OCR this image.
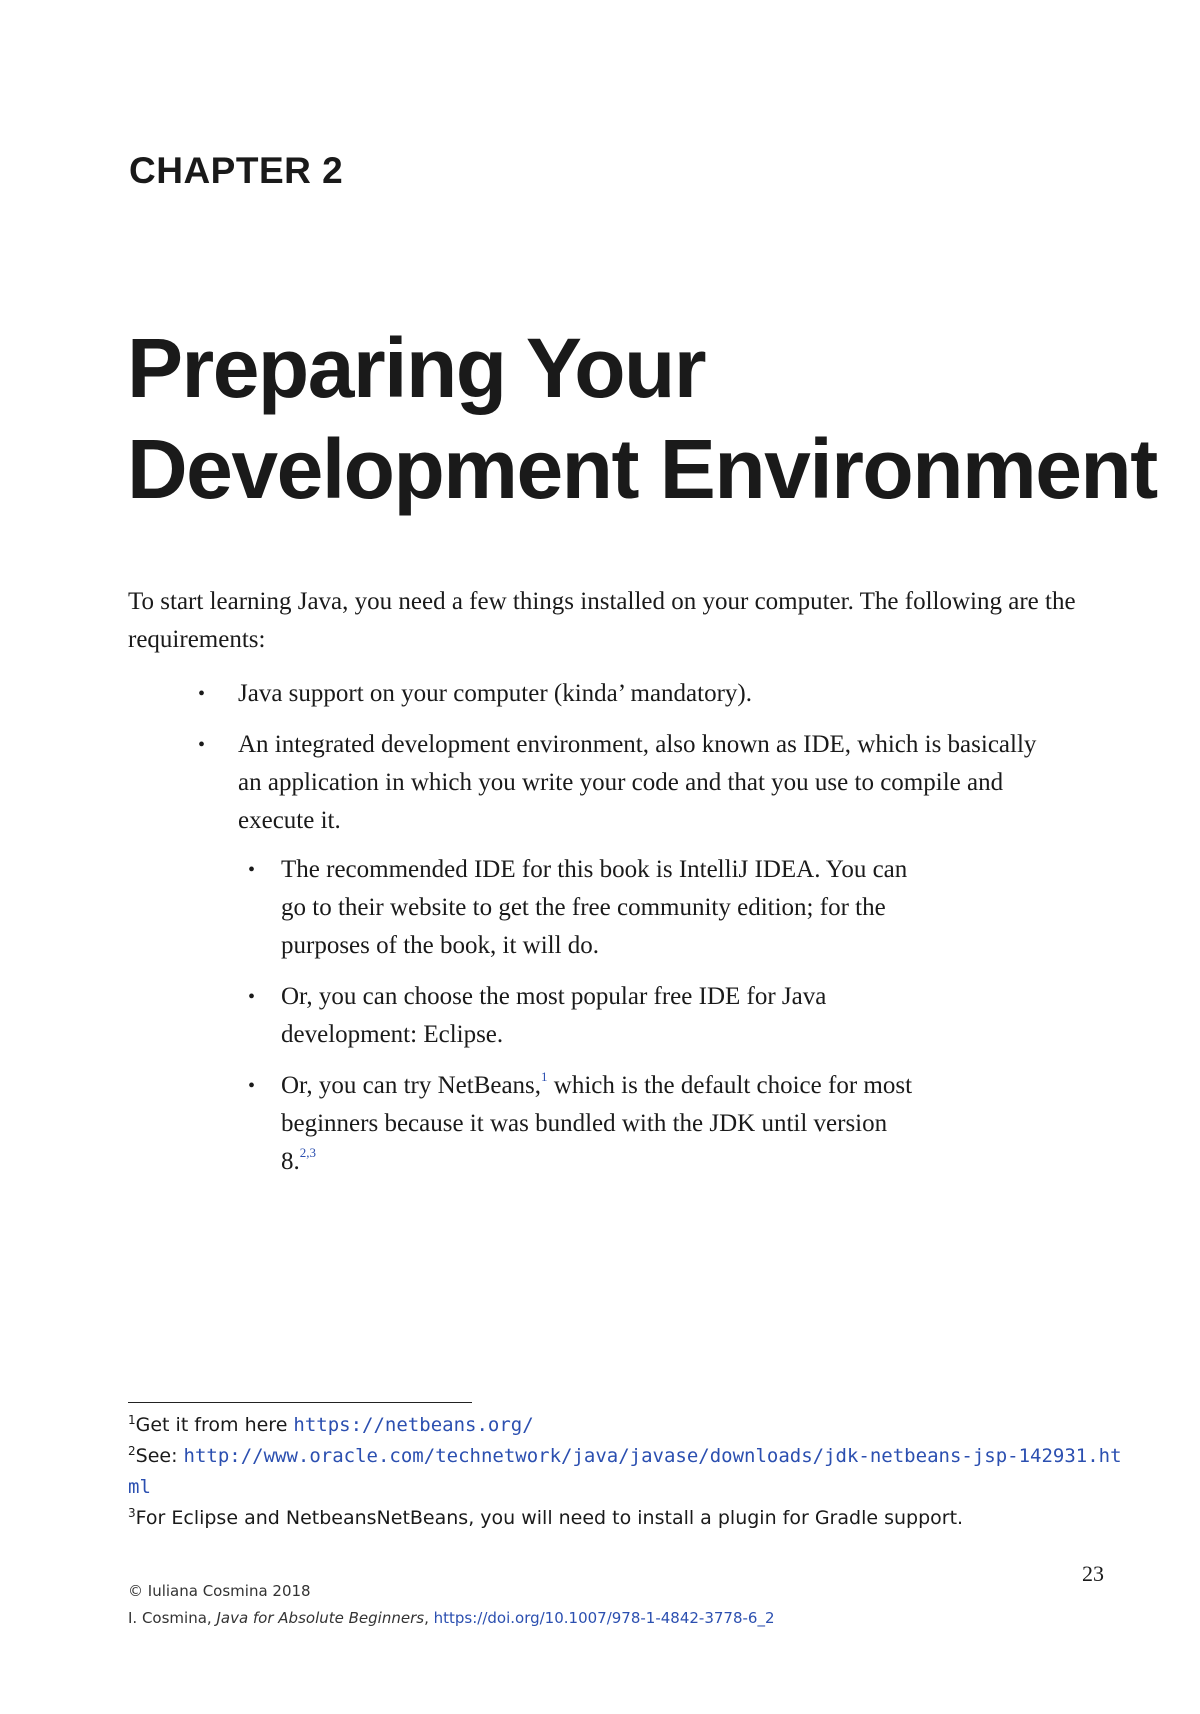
CHAPTER 2
Preparing Your
Development Environment

To start learning Java, you need a few things installed on your computer. The following are the requirements:

• Java support on your computer (kinda’ mandatory).
• An integrated development environment, also known as IDE, which is basically an application in which you write your code and that you use to compile and execute it.
• The recommended IDE for this book is IntelliJ IDEA. You can go to their website to get the free community edition; for the purposes of the book, it will do.
• Or, you can choose the most popular free IDE for Java development: Eclipse.
• Or, you can try NetBeans,$^1$ which is the default choice for most beginners because it was bundled with the JDK until version 8.$^{2,3}$

$^1$Get it from here https://netbeans.org/

$^2$See: http://www.oracle.com/technetwork/java/javase/downloads/jdk-netbeans-jsp-142931.html

$^3$For Eclipse and NetbeansNetBeans, you will need to install a plugin for Gradle support.

23

© Iuliana Cosmina 2018

I. Cosmina, Java for Absolute Beginners, https://doi.org/10.1007/978-1-4842-3778-6_2
